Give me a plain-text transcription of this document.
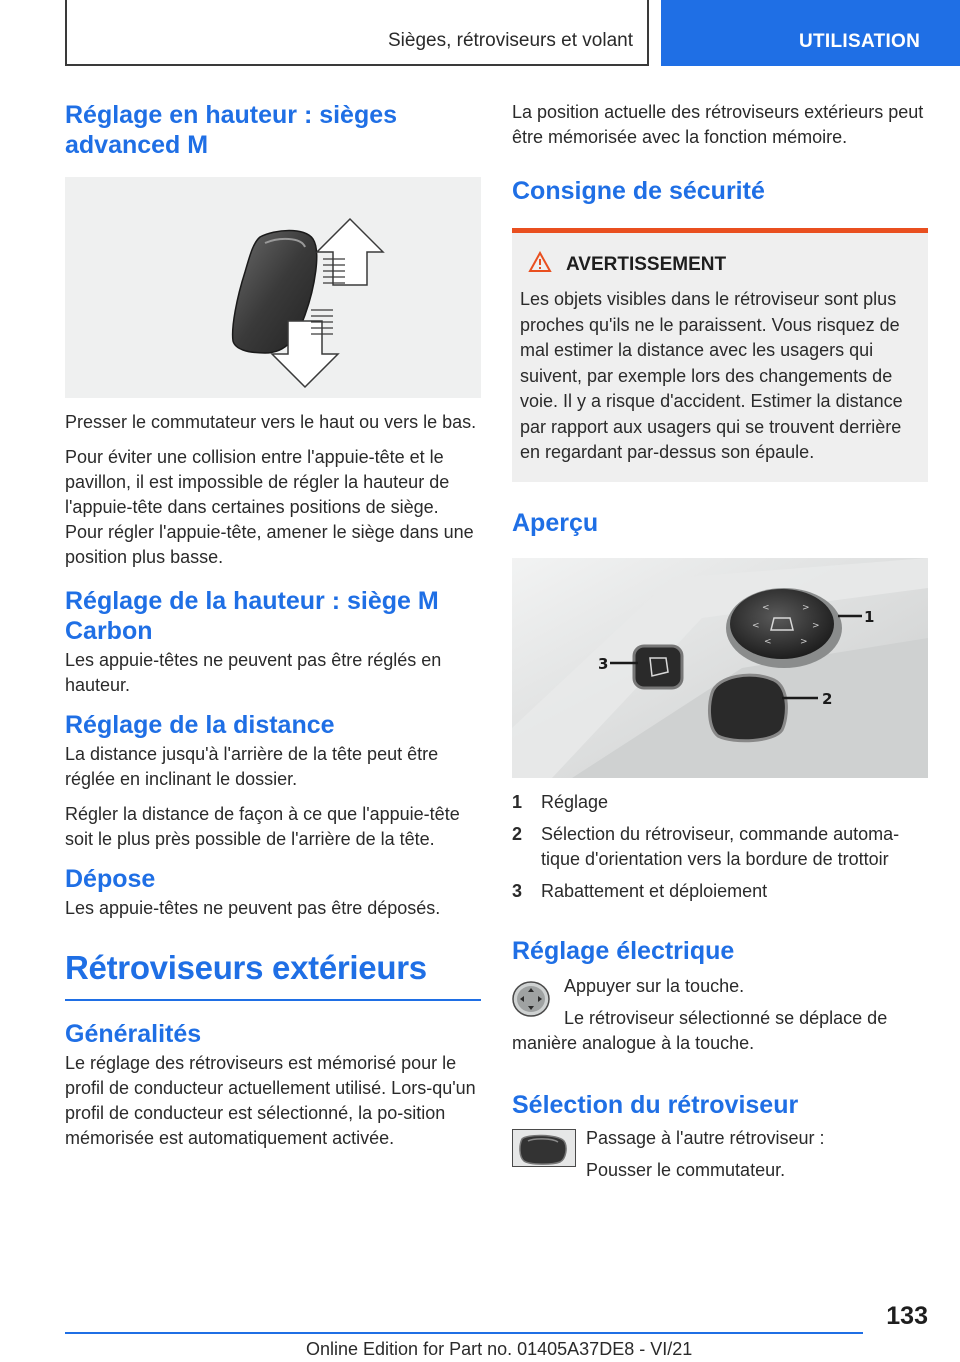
Sièges, rétroviseurs et volant	UTILISATION
Réglage en hauteur : sièges advanced M

Presser le commutateur vers le haut ou vers le bas.

Pour éviter une collision entre l'appuie-tête et le pavillon, il est impossible de régler la hauteur de l'appuie-tête dans certaines positions de siège. Pour régler l'appuie-tête, amener le siège dans une position plus basse.

Réglage de la hauteur : siège M Carbon

Les appuie-têtes ne peuvent pas être réglés en hauteur.

Réglage de la distance

La distance jusqu'à l'arrière de la tête peut être réglée en inclinant le dossier.

Régler la distance de façon à ce que l'appuie-tête soit le plus près possible de l'arrière de la tête.

Dépose

Les appuie-têtes ne peuvent pas être déposés.

Rétroviseurs extérieurs
Généralités

Le réglage des rétroviseurs est mémorisé pour le profil de conducteur actuellement utilisé. Lors-qu'un profil de conducteur est sélectionné, la po-sition mémorisée est automatiquement activée.

La position actuelle des rétroviseurs extérieurs peut être mémorisée avec la fonction mémoire.

Consigne de sécurité
AVERTISSEMENT

Les objets visibles dans le rétroviseur sont plus proches qu'ils ne le paraissent. Vous risquez de mal estimer la distance avec les usagers qui suivent, par exemple lors des changements de voie. Il y a risque d'accident. Estimer la distance par rapport aux usagers qui se trouvent derrière en regardant par-dessus son épaule.

Aperçu
<	>
<	>
<	>
1
2
3
1	Réglage
2	Sélection du rétroviseur, commande automa-tique d'orientation vers la bordure de trottoir
3	Rabattement et déploiement
Réglage électrique

Appuyer sur la touche.

Le rétroviseur sélectionné se déplace de

manière analogue à la touche.

Sélection du rétroviseur

Passage à l'autre rétroviseur :

Pousser le commutateur.

133
Online Edition for Part no. 01405A37DE8 - VI/21
